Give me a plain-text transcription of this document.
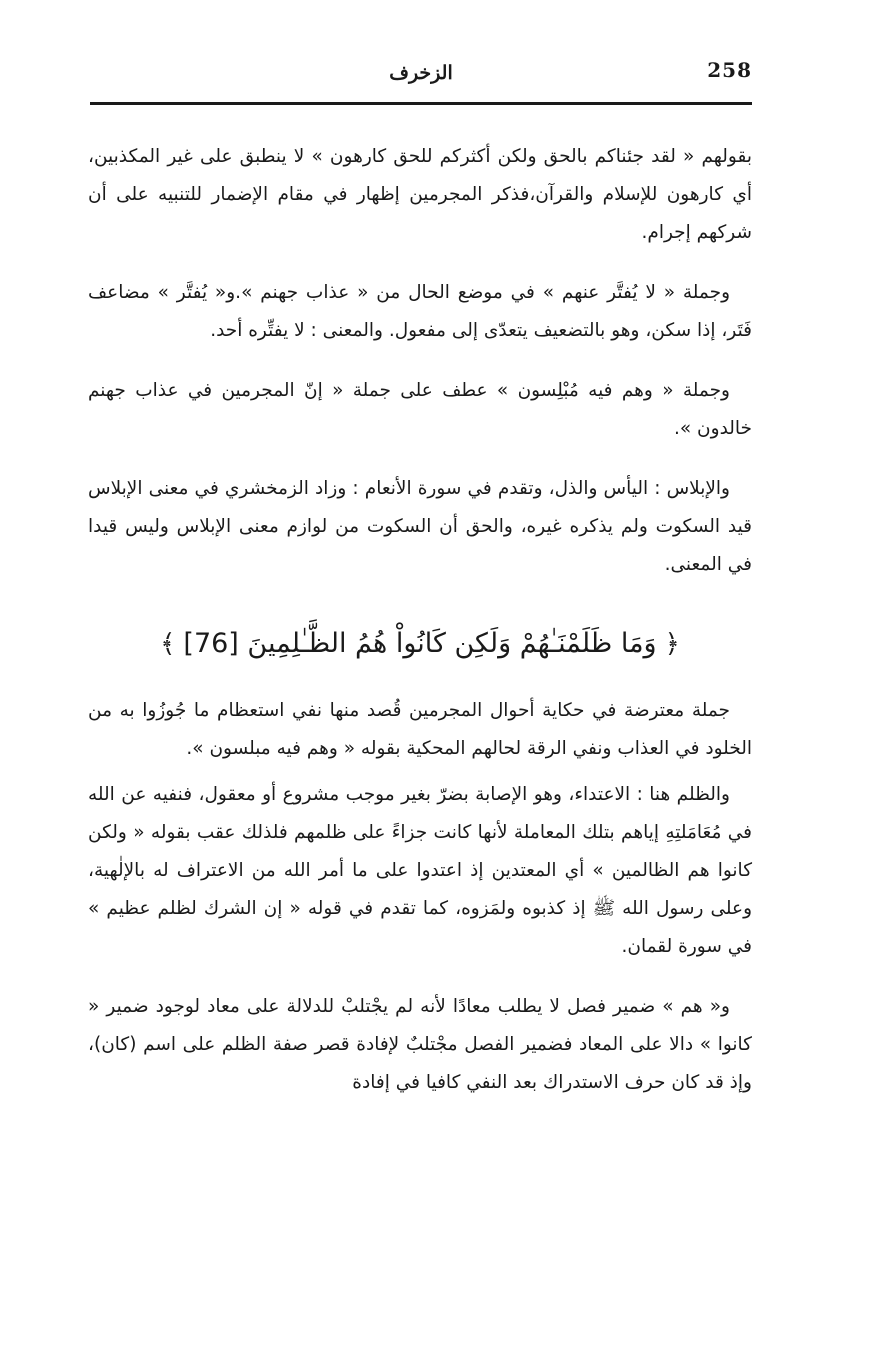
258
الزخرف

بقولهم « لقد جئناكم بالحق ولكن أكثركم للحق كارهون » لا ينطبق على غير المكذبين، أي كارهون للإسلام والقرآن،فذكر المجرمين إظهار في مقام الإضمار للتنبيه على أن شركهم إجرام.

وجملة « لا يُفتَّر عنهم » في موضع الحال من « عذاب جهنم ».و« يُفتَّر » مضاعف فَتَر، إذا سكن، وهو بالتضعيف يتعدّى إلى مفعول. والمعنى : لا يفتِّره أحد.

وجملة « وهم فيه مُبْلِسون » عطف على جملة « إنّ المجرمين في عذاب جهنم خالدون ».

والإبلاس : اليأس والذل، وتقدم في سورة الأنعام : وزاد الزمخشري في معنى الإبلاس قيد السكوت ولم يذكره غيره، والحق أن السكوت من لوازم معنى الإبلاس وليس قيدا في المعنى.

﴿وَمَا ظَلَمْنَـٰهُمْ وَلَكِن كَانُواْ هُمُ الظَّـٰلِمِينَ [76]﴾

جملة معترضة في حكاية أحوال المجرمين قُصد منها نفي استعظام ما جُوزُوا به من الخلود في العذاب ونفي الرقة لحالهم المحكية بقوله « وهم فيه مبلسون ».

والظلم هنا : الاعتداء، وهو الإصابة بضرّ بغير موجب مشروع أو معقول، فنفيه عن الله في مُعَامَلتِهِ إياهم بتلك المعاملة لأنها كانت جزاءً على ظلمهم فلذلك عقب بقوله « ولكن كانوا هم الظالمين » أي المعتدين إذ اعتدوا على ما أمر الله من الاعتراف له بالإلٰهية، وعلى رسول الله ﷺ إذ كذبوه ولمَزوه، كما تقدم في قوله « إن الشرك لظلم عظيم » في سورة لقمان.

و« هم » ضمير فصل لا يطلب معادًا لأنه لم يجْتلبْ للدلالة على معاد لوجود ضمير « كانوا » دالا على المعاد فضمير الفصل مجْتلبٌ لإفادة قصر صفة الظلم على اسم (كان)، وإذ قد كان حرف الاستدراك بعد النفي كافيا في إفادة
